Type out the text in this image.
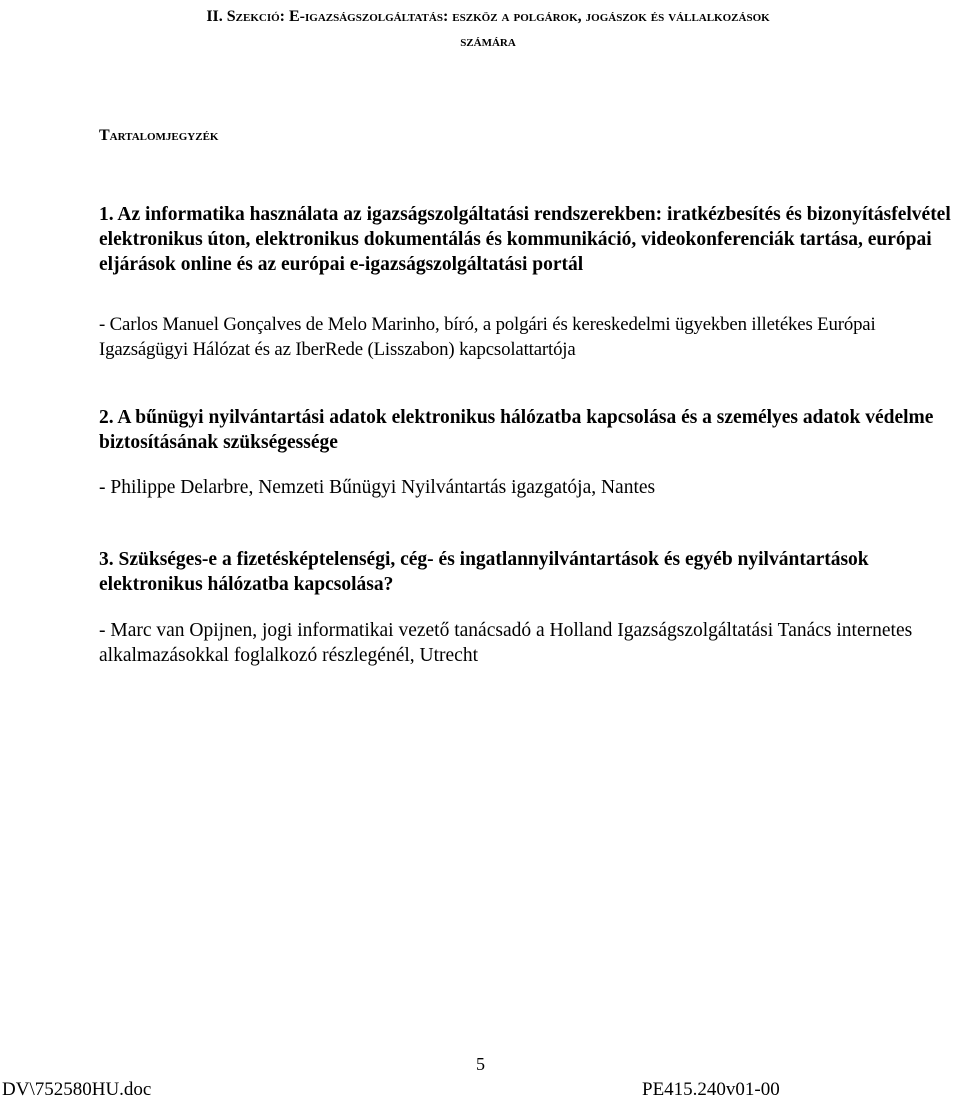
II. Szekció: E-igazságszolgáltatás: eszköz a polgárok, jogászok és vállalkozások
számára
Tartalomjegyzék
1. Az informatika használata az igazságszolgáltatási rendszerekben: iratkézbesítés és bizonyításfelvétel elektronikus úton, elektronikus dokumentálás és kommunikáció, videokonferenciák tartása, európai eljárások online és az európai e-igazságszolgáltatási portál
- Carlos Manuel Gonçalves de Melo Marinho, bíró, a polgári és kereskedelmi ügyekben illetékes Európai Igazságügyi Hálózat és az IberRede (Lisszabon) kapcsolattartója
2. A bűnügyi nyilvántartási adatok elektronikus hálózatba kapcsolása és a személyes adatok védelme biztosításának szükségessége
- Philippe Delarbre, Nemzeti Bűnügyi Nyilvántartás igazgatója, Nantes
3. Szükséges-e a fizetésképtelenségi, cég- és ingatlannyilvántartások és egyéb nyilvántartások elektronikus hálózatba kapcsolása?
- Marc van Opijnen, jogi informatikai vezető tanácsadó a Holland Igazságszolgáltatási Tanács internetes alkalmazásokkal foglalkozó részlegénél, Utrecht
DV\752580HU.doc
5
PE415.240v01-00
